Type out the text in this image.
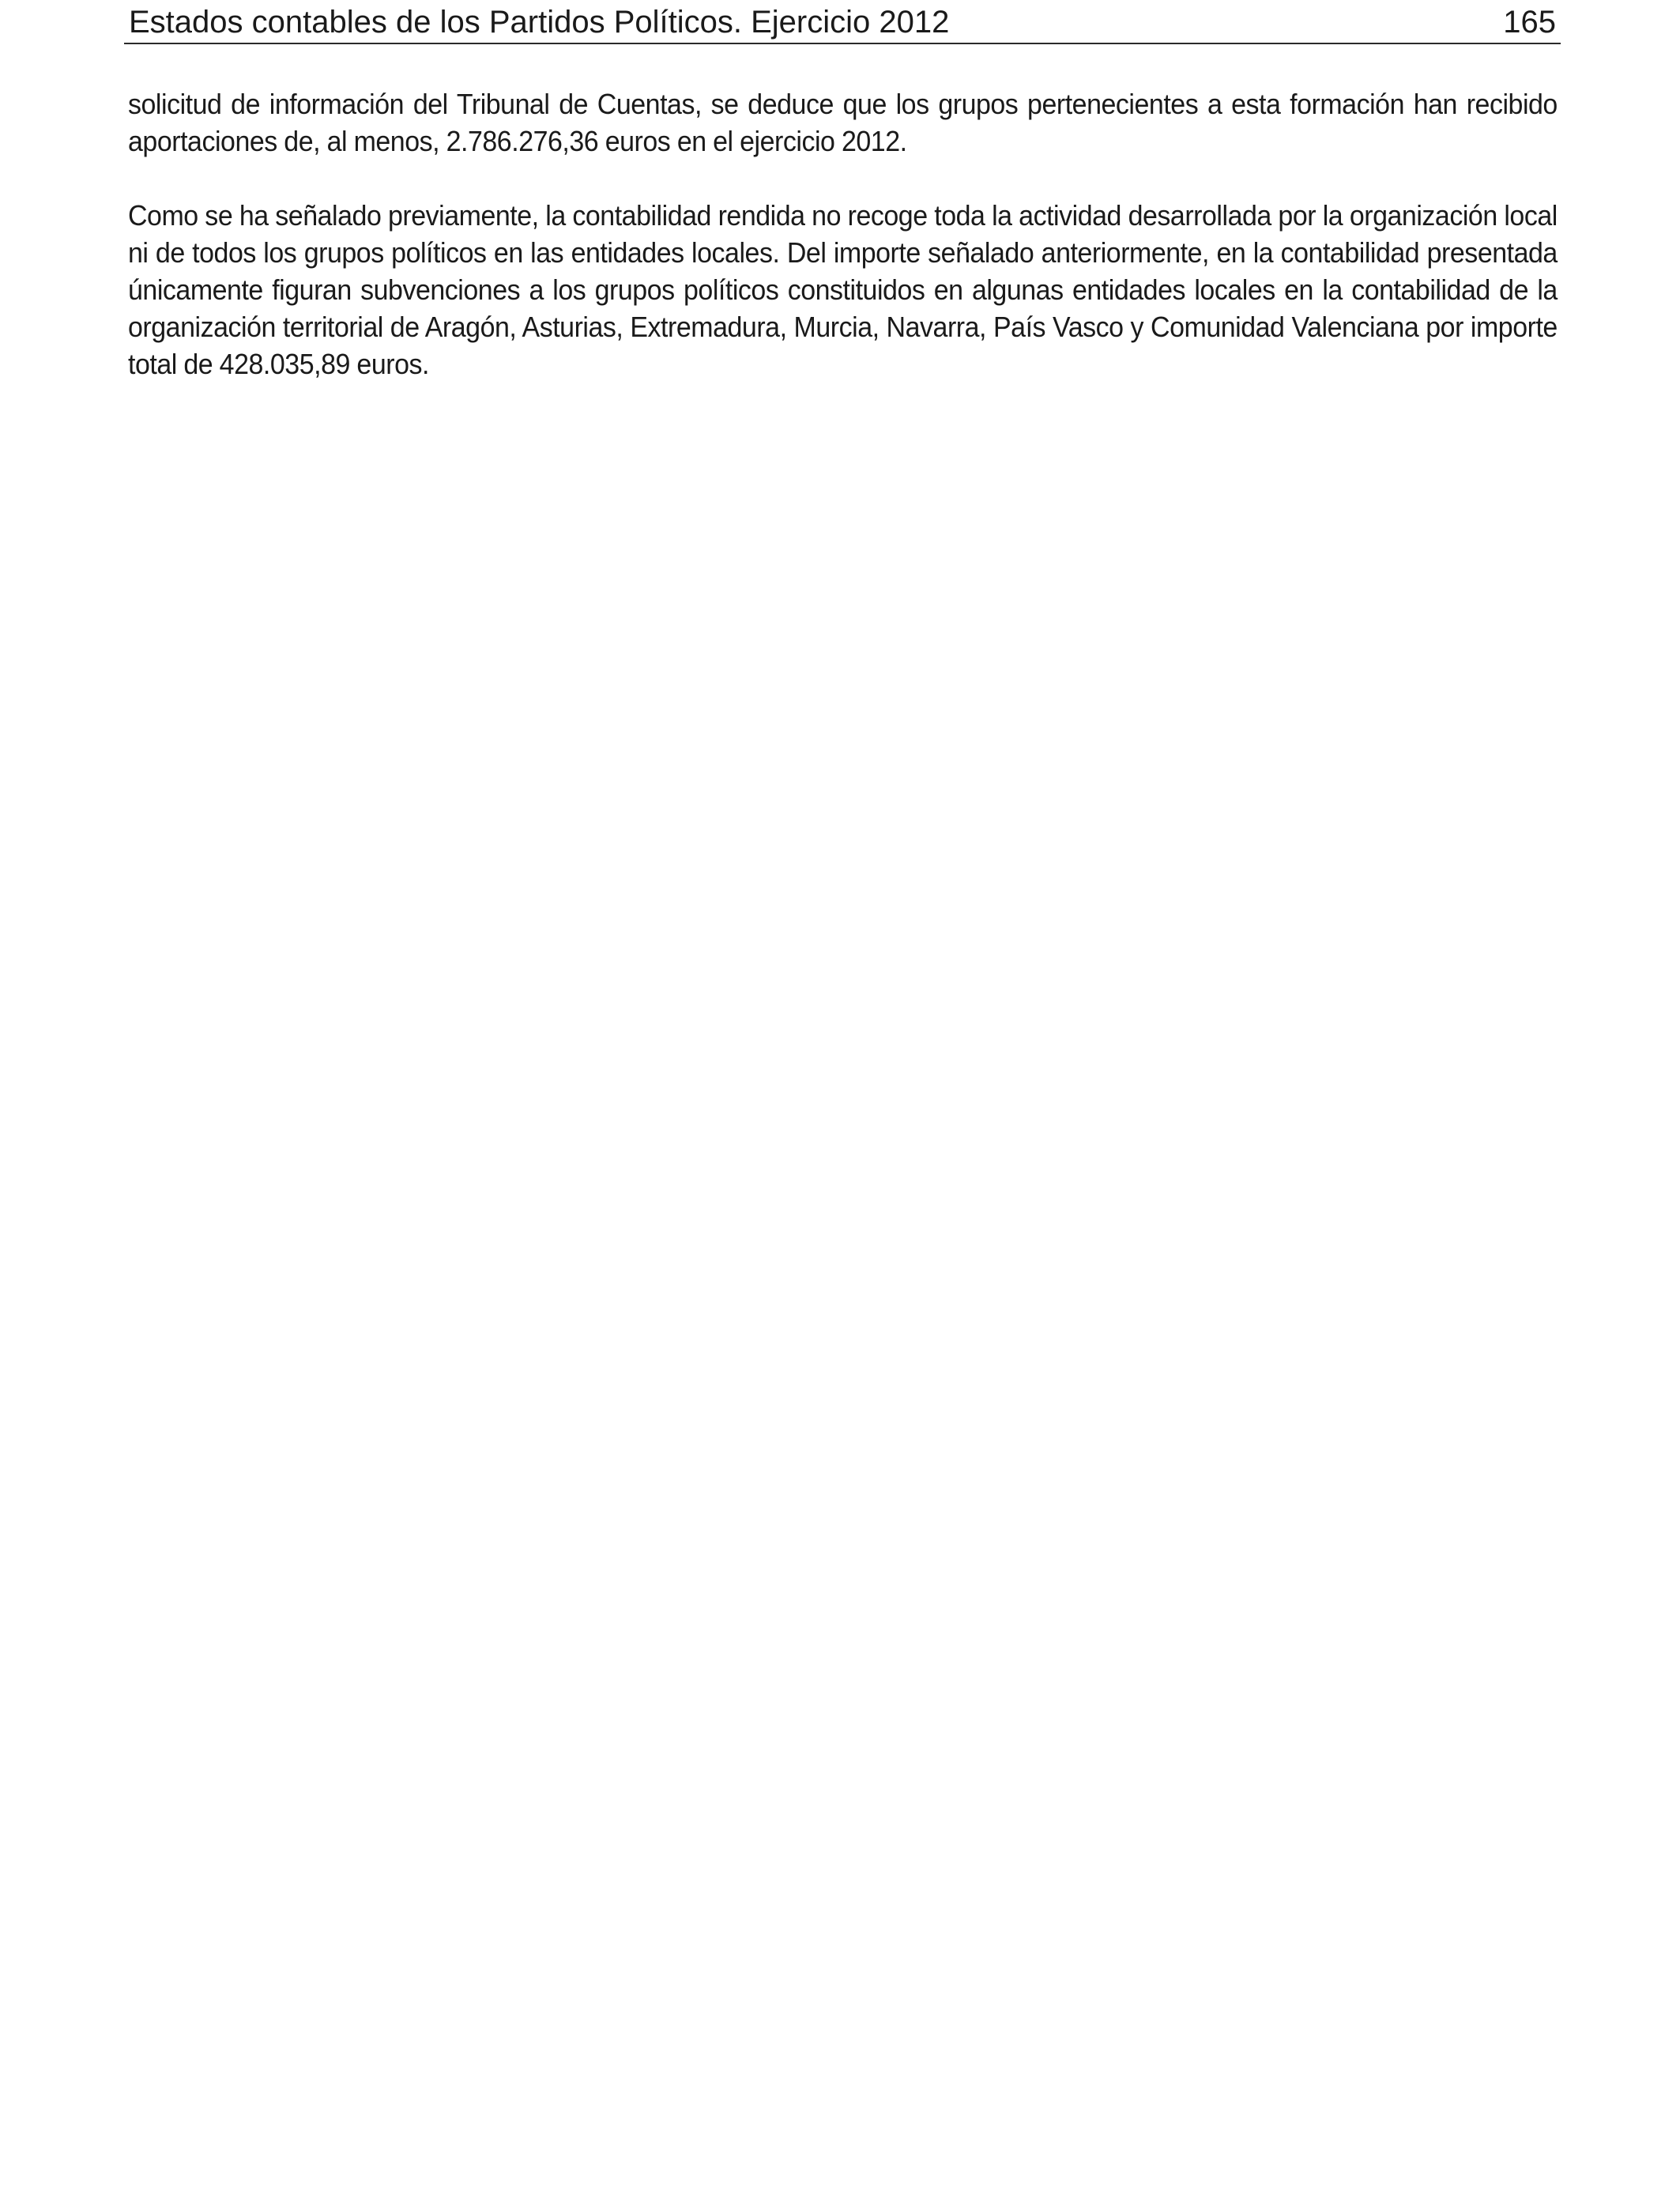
Estados contables de los Partidos Políticos. Ejercicio 2012	165

solicitud de información del Tribunal de Cuentas, se deduce que los grupos pertenecientes a esta formación han recibido aportaciones de, al menos, 2.786.276,36 euros en el ejercicio 2012.

Como se ha señalado previamente, la contabilidad rendida no recoge toda la actividad desarrollada por la organización local ni de todos los grupos políticos en las entidades locales. Del importe señalado anteriormente, en la contabilidad presentada únicamente figuran subvenciones a los grupos políticos constituidos en algunas entidades locales en la contabilidad de la organización territorial de Aragón, Asturias, Extremadura, Murcia, Navarra, País Vasco y Comunidad Valenciana por importe total de 428.035,89 euros.
